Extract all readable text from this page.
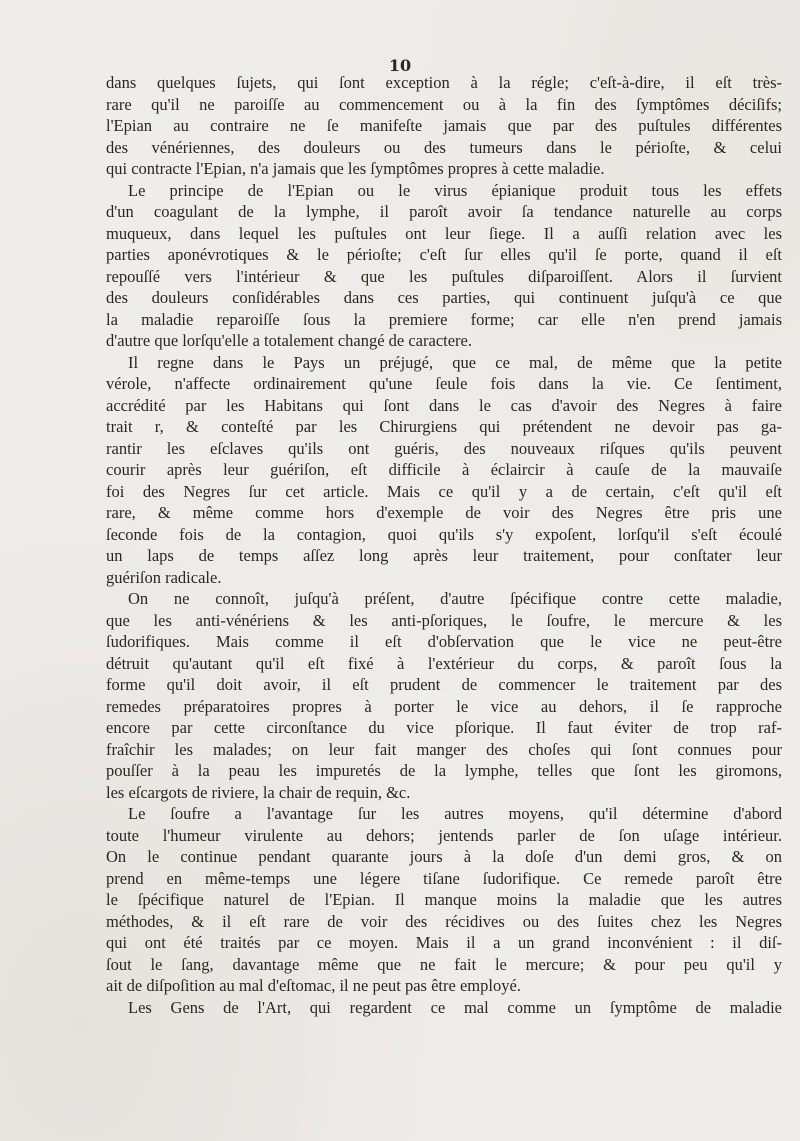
10
dans quelques ſujets, qui ſont exception à la régle; c'eſt-à-dire, il eſt très-
rare qu'il ne paroiſſe au commencement ou à la fin des ſymptômes déciſifs;
l'Epian au contraire ne ſe manifeſte jamais que par des puſtules différentes
des vénériennes, des douleurs ou des tumeurs dans le périoſte, & celui
qui contracte l'Epian, n'a jamais que les ſymptômes propres à cette maladie.
Le principe de l'Epian ou le virus épianique produit tous les effets
d'un coagulant de la lymphe, il paroît avoir ſa tendance naturelle au corps
muqueux, dans lequel les puſtules ont leur ſiege. Il a auſſi relation avec les
parties aponévrotiques & le périoſte; c'eſt ſur elles qu'il ſe porte, quand il eſt
repouſſé vers l'intérieur & que les puſtules diſparoiſſent. Alors il ſurvient
des douleurs conſidérables dans ces parties, qui continuent juſqu'à ce que
la maladie reparoiſſe ſous la premiere forme; car elle n'en prend jamais
d'autre que lorſqu'elle a totalement changé de caractere.
Il regne dans le Pays un préjugé, que ce mal, de même que la petite
vérole, n'affecte ordinairement qu'une ſeule fois dans la vie. Ce ſentiment,
accrédité par les Habitans qui ſont dans le cas d'avoir des Negres à faire
trait r, & conteſté par les Chirurgiens qui prétendent ne devoir pas ga-
rantir les eſclaves qu'ils ont guéris, des nouveaux riſques qu'ils peuvent
courir après leur guériſon, eſt difficile à éclaircir à cauſe de la mauvaiſe
foi des Negres ſur cet article. Mais ce qu'il y a de certain, c'eſt qu'il eſt
rare, & même comme hors d'exemple de voir des Negres être pris une
ſeconde fois de la contagion, quoi qu'ils s'y expoſent, lorſqu'il s'eſt écoulé
un laps de temps aſſez long après leur traitement, pour conſtater leur
guériſon radicale.
On ne connoît, juſqu'à préſent, d'autre ſpécifique contre cette maladie,
que les anti-vénériens & les anti-pſoriques, le ſoufre, le mercure & les
ſudorifiques. Mais comme il eſt d'obſervation que le vice ne peut-être
détruit qu'autant qu'il eſt fixé à l'extérieur du corps, & paroît ſous la
forme qu'il doit avoir, il eſt prudent de commencer le traitement par des
remedes préparatoires propres à porter le vice au dehors, il ſe rapproche
encore par cette circonſtance du vice pſorique. Il faut éviter de trop raf-
fraîchir les malades; on leur fait manger des choſes qui ſont connues pour
pouſſer à la peau les impuretés de la lymphe, telles que ſont les giromons,
les eſcargots de riviere, la chair de requin, &c.
Le ſoufre a l'avantage ſur les autres moyens, qu'il détermine d'abord
toute l'humeur virulente au dehors; jentends parler de ſon uſage intérieur.
On le continue pendant quarante jours à la doſe d'un demi gros, & on
prend en même-temps une légere tiſane ſudorifique. Ce remede paroît être
le ſpécifique naturel de l'Epian. Il manque moins la maladie que les autres
méthodes, & il eſt rare de voir des récidives ou des ſuites chez les Negres
qui ont été traités par ce moyen. Mais il a un grand inconvénient : il diſ-
ſout le ſang, davantage même que ne fait le mercure; & pour peu qu'il y
ait de diſpoſition au mal d'eſtomac, il ne peut pas être employé.
Les Gens de l'Art, qui regardent ce mal comme un ſymptôme de maladie
